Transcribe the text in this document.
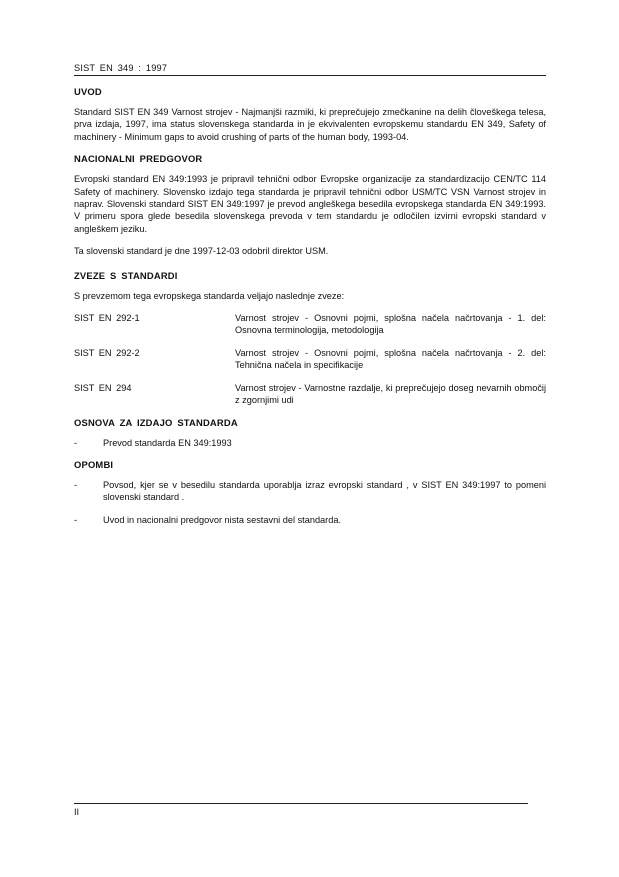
SIST EN 349 : 1997
UVOD

Standard SIST EN 349 Varnost strojev - Najmanjši razmiki, ki preprečujejo zmečkanine na delih človeškega telesa, prva izdaja, 1997, ima status slovenskega standarda in je ekvivalenten evropskemu standardu EN 349, Safety of machinery - Minimum gaps to avoid crushing of parts of the human body, 1993-04.

NACIONALNI PREDGOVOR

Evropski standard EN 349:1993 je pripravil tehnični odbor Evropske organizacije za standardizacijo CEN/TC 114 Safety of machinery. Slovensko izdajo tega standarda je pripravil tehnični odbor USM/TC VSN Varnost strojev in naprav. Slovenski standard SIST EN 349:1997 je prevod angleškega besedila evropskega standarda EN 349:1993. V primeru spora glede besedila slovenskega prevoda v tem standardu je odločilen izvirni evropski standard v angleškem jeziku.

Ta slovenski standard je dne 1997-12-03 odobril direktor USM.

ZVEZE S STANDARDI

S prevzemom tega evropskega standarda veljajo naslednje zveze:

SIST EN 292-1	Varnost strojev - Osnovni pojmi, splošna načela načrtovanja - 1. del: Osnovna terminologija, metodologija
SIST EN 292-2	Varnost strojev - Osnovni pojmi, splošna načela načrtovanja - 2. del: Tehnična načela in specifikacije
SIST EN 294	Varnost strojev - Varnostne razdalje, ki preprečujejo doseg nevarnih območij z zgornjimi udi
OSNOVA ZA IZDAJO STANDARDA
-	Prevod standarda EN 349:1993
OPOMBI
-	Povsod, kjer se v besedilu standarda uporablja izraz evropski standard , v SIST EN 349:1997 to pomeni slovenski standard .
-	Uvod in nacionalni predgovor nista sestavni del standarda.
II
